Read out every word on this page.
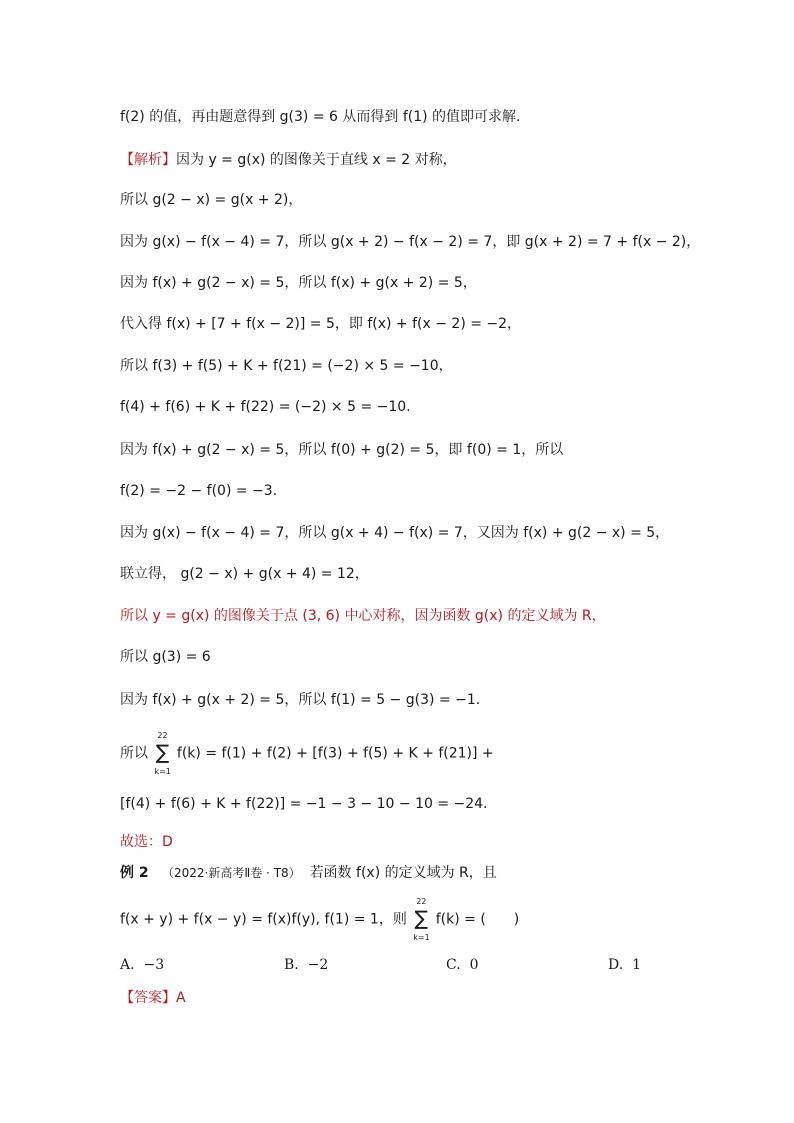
f(2) 的值，再由题意得到 g(3) = 6 从而得到 f(1) 的值即可求解.
【解析】因为 y = g(x) 的图像关于直线 x = 2 对称，
所以 g(2 − x) = g(x + 2)，
因为 g(x) − f(x − 4) = 7，所以 g(x + 2) − f(x − 2) = 7，即 g(x + 2) = 7 + f(x − 2)，
因为 f(x) + g(2 − x) = 5，所以 f(x) + g(x + 2) = 5，
代入得 f(x) + [7 + f(x − 2)] = 5，即 f(x) + f(x − 2) = −2，
所以 f(3) + f(5) + K + f(21) = (−2) × 5 = −10，
f(4) + f(6) + K + f(22) = (−2) × 5 = −10.
因为 f(x) + g(2 − x) = 5，所以 f(0) + g(2) = 5，即 f(0) = 1，所以
f(2) = −2 − f(0) = −3.
因为 g(x) − f(x − 4) = 7，所以 g(x + 4) − f(x) = 7，又因为 f(x) + g(2 − x) = 5，
联立得， g(2 − x) + g(x + 4) = 12，
所以 y = g(x) 的图像关于点 (3, 6) 中心对称，因为函数 g(x) 的定义域为 R，
所以 g(3) = 6
因为 f(x) + g(x + 2) = 5，所以 f(1) = 5 − g(3) = −1.
所以
22
∑
k=1
f(k) = f(1) + f(2) + [f(3) + f(5) + K + f(21)] +
[f(4) + f(6) + K + f(22)] = −1 − 3 − 10 − 10 = −24.
故选：D
例 2 （2022·新高考Ⅱ卷 · T8） 若函数 f(x) 的定义域为 R，且
f(x + y) + f(x − y) = f(x)f(y), f(1) = 1，则
22
∑
k=1
f(k) = (　　)
A. −3	B. −2	C. 0	D. 1
【答案】A
